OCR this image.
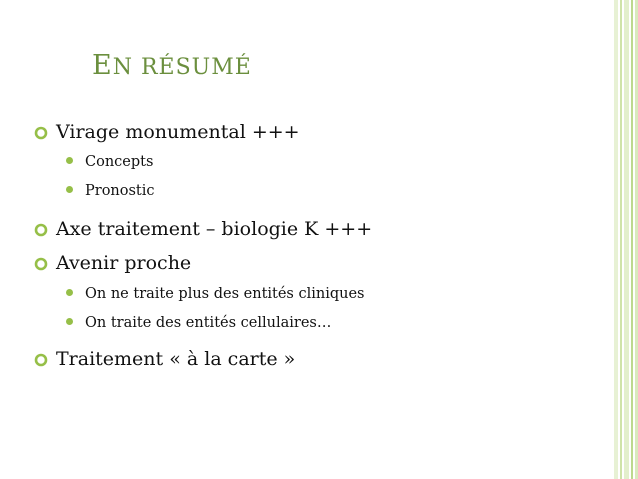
EN RÉSUMÉ
Virage monumental +++
Concepts
Pronostic
Axe traitement – biologie K +++
Avenir proche
On ne traite plus des entités cliniques
On traite des entités cellulaires…
Traitement « à la carte »
